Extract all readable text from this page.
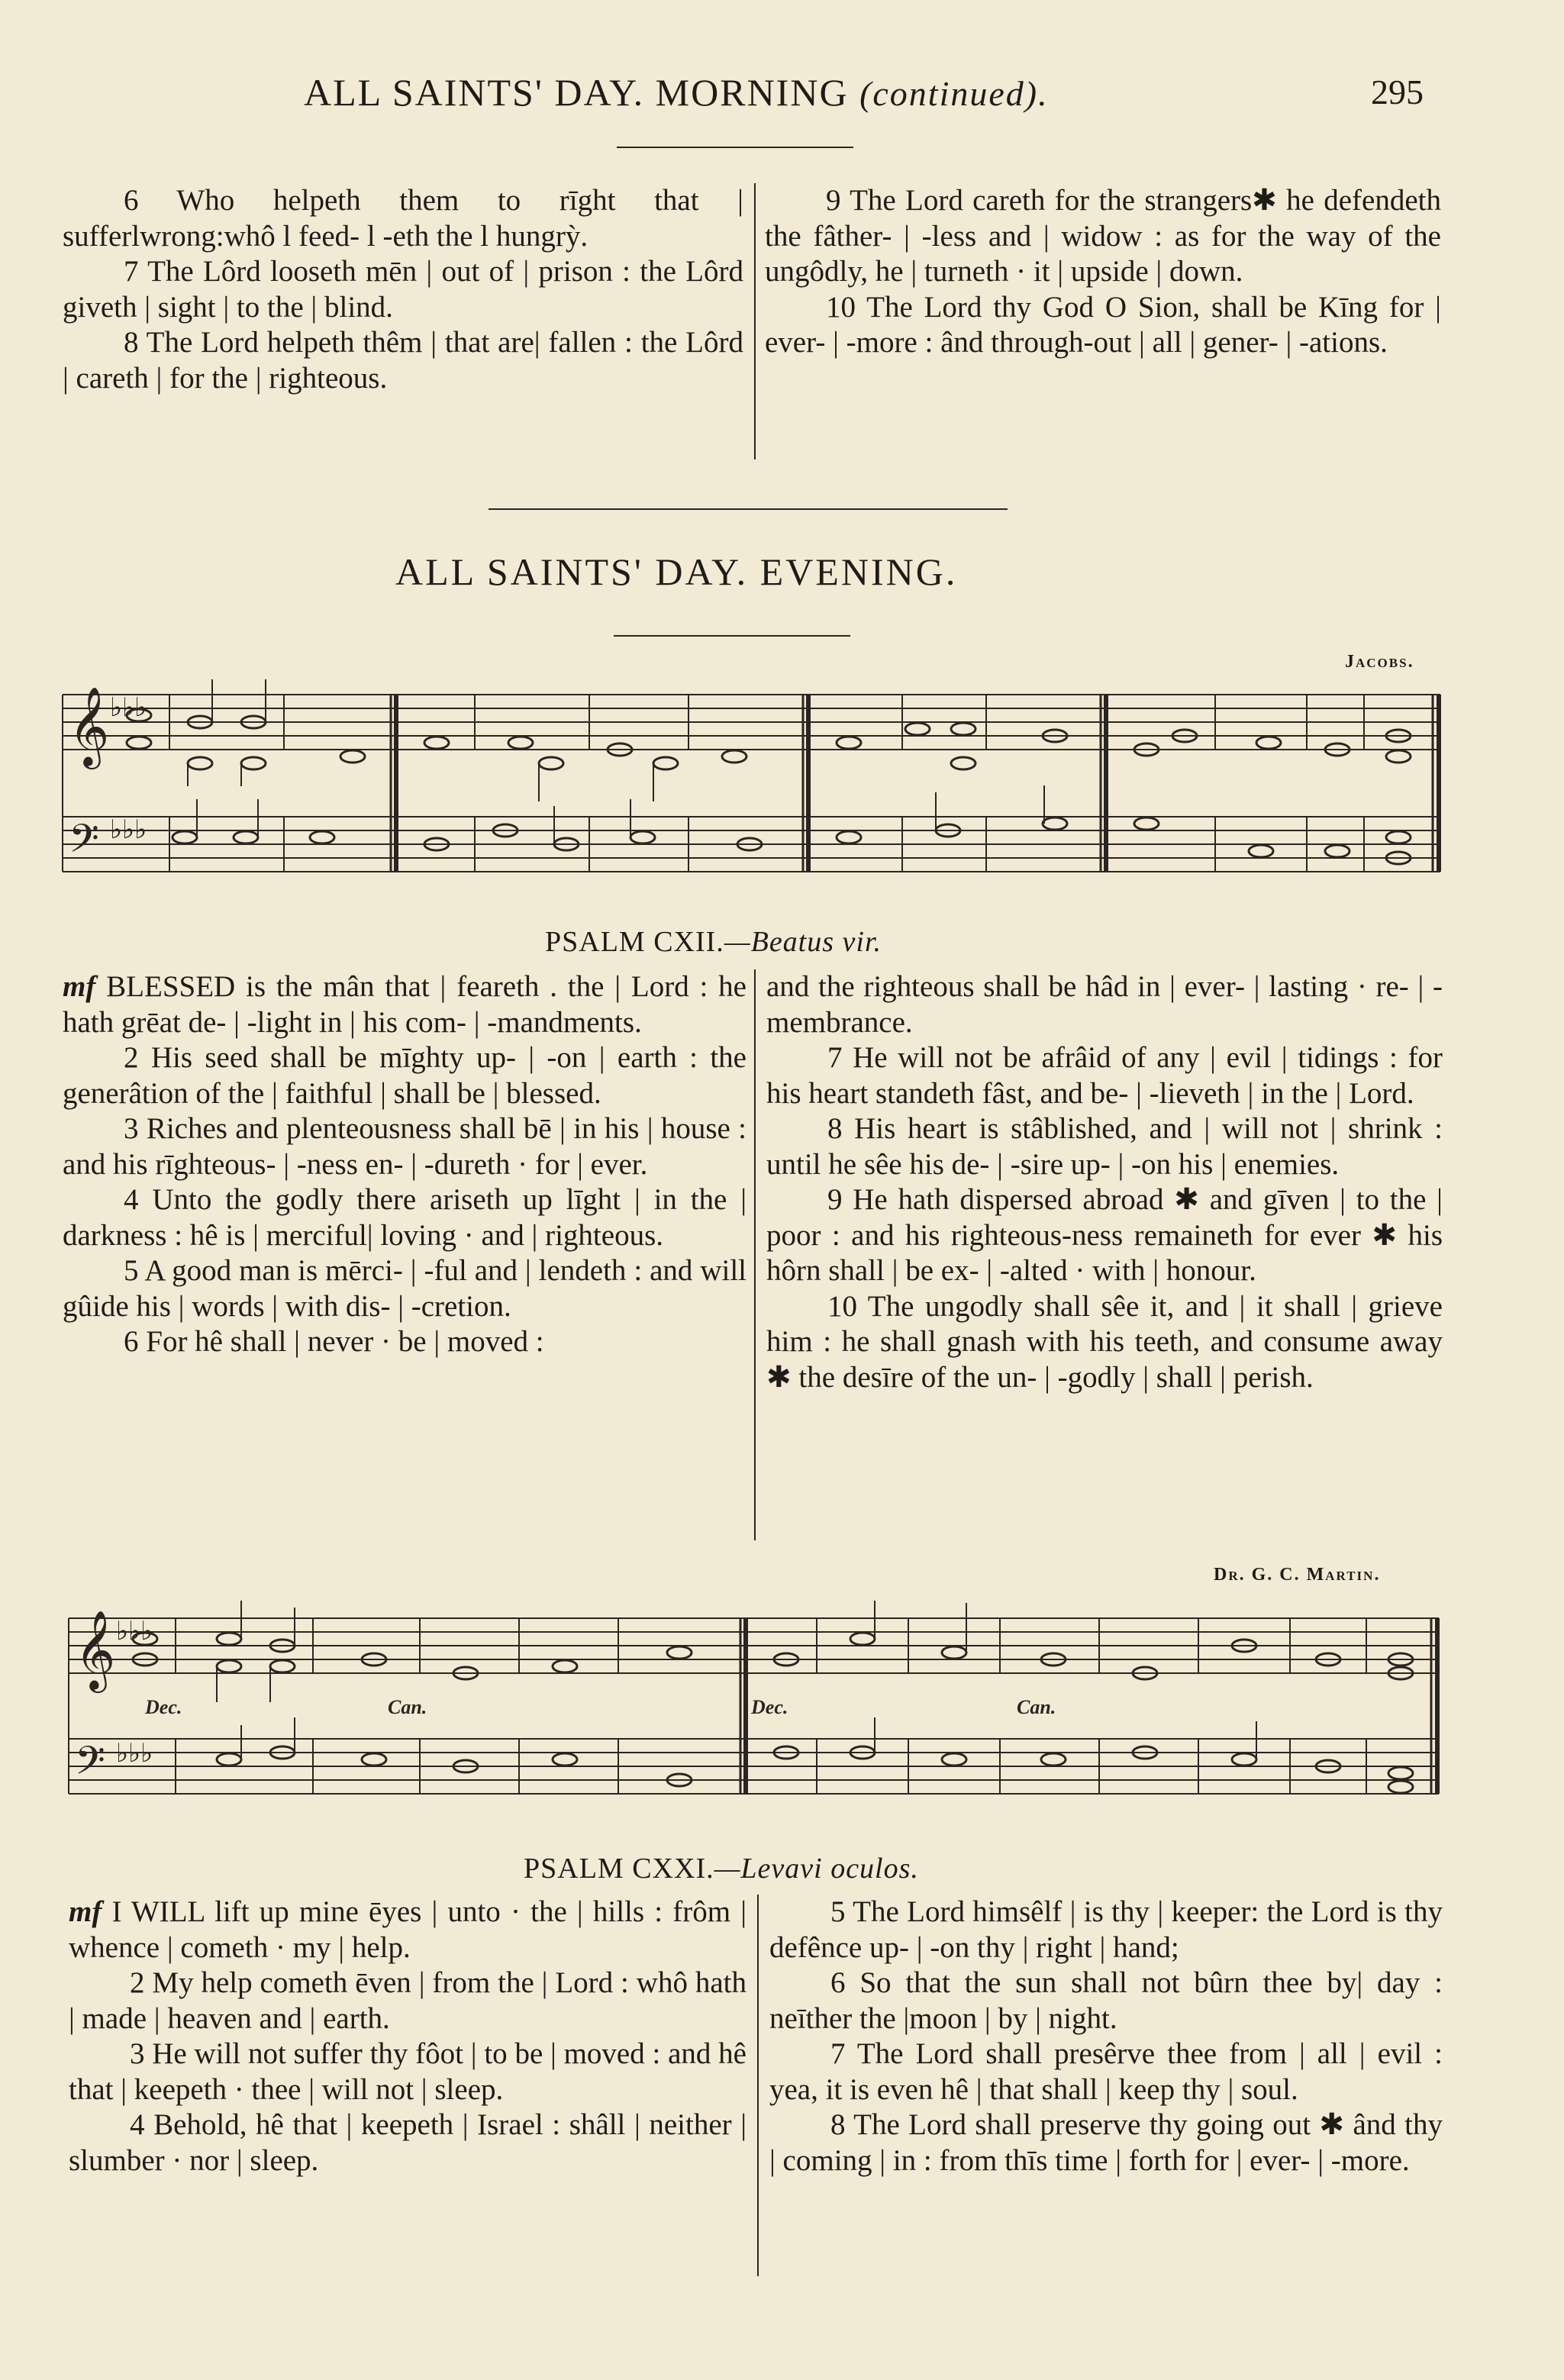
ALL SAINTS' DAY. MORNING (continued).	295

6 Who helpeth them to rīght that | sufferlwrong:whô l feed- l -eth the l hungrỳ.

7 The Lôrd looseth mēn | out of | prison : the Lôrd giveth | sight | to the | blind.

8 The Lord helpeth thêm | that are| fallen : the Lôrd | careth | for the | righteous.

9 The Lord careth for the strangers✱ he defendeth the fâther- | -less and | widow : as for the way of the ungôdly, he | turneth · it | upside | down.

10 The Lord thy God O Sion, shall be Kīng for | ever- | -more : ând through-out | all | gener- | -ations.

ALL SAINTS' DAY. EVENING.
Jacobs.
𝄞
𝄢
♭♭♭
♭♭♭
PSALM CXII.—Beatus vir.

mf BLESSED is the mân that | feareth . the | Lord : he hath grēat de- | -light in | his com- | -mandments.

2 His seed shall be mīghty up- | -on | earth : the generâtion of the | faithful | shall be | blessed.

3 Riches and plenteousness shall bē | in his | house : and his rīghteous- | -ness en- | -dureth · for | ever.

4 Unto the godly there ariseth up līght | in the | darkness : hê is | merciful| loving · and | righteous.

5 A good man is mērci- | -ful and | lendeth : and will gûide his | words | with dis- | -cretion.

6 For hê shall | never · be | moved :

and the righteous shall be hâd in | ever- | lasting · re- | -membrance.

7 He will not be afrâid of any | evil | tidings : for his heart standeth fâst, and be- | -lieveth | in the | Lord.

8 His heart is stâblished, and | will not | shrink : until he sêe his de- | -sire up- | -on his | enemies.

9 He hath dispersed abroad ✱ and gīven | to the | poor : and his righteous-ness remaineth for ever ✱ his hôrn shall | be ex- | -alted · with | honour.

10 The ungodly shall sêe it, and | it shall | grieve him : he shall gnash with his teeth, and consume away ✱ the desīre of the un- | -godly | shall | perish.

Dr. G. C. Martin.
𝄞
𝄢
♭♭♭
♭♭♭
Dec.	Can.	Dec.	Can.
PSALM CXXI.—Levavi oculos.

mf I WILL lift up mine ēyes | unto · the | hills : frôm | whence | cometh · my | help.

2 My help cometh ēven | from the | Lord : whô hath | made | heaven and | earth.

3 He will not suffer thy fôot | to be | moved : and hê that | keepeth · thee | will not | sleep.

4 Behold, hê that | keepeth | Israel : shâll | neither | slumber · nor | sleep.

5 The Lord himsêlf | is thy | keeper: the Lord is thy defênce up- | -on thy | right | hand;

6 So that the sun shall not bûrn thee by| day : neīther the |moon | by | night.

7 The Lord shall presêrve thee from | all | evil : yea, it is even hê | that shall | keep thy | soul.

8 The Lord shall preserve thy going out ✱ ând thy | coming | in : from thīs time | forth for | ever- | -more.
